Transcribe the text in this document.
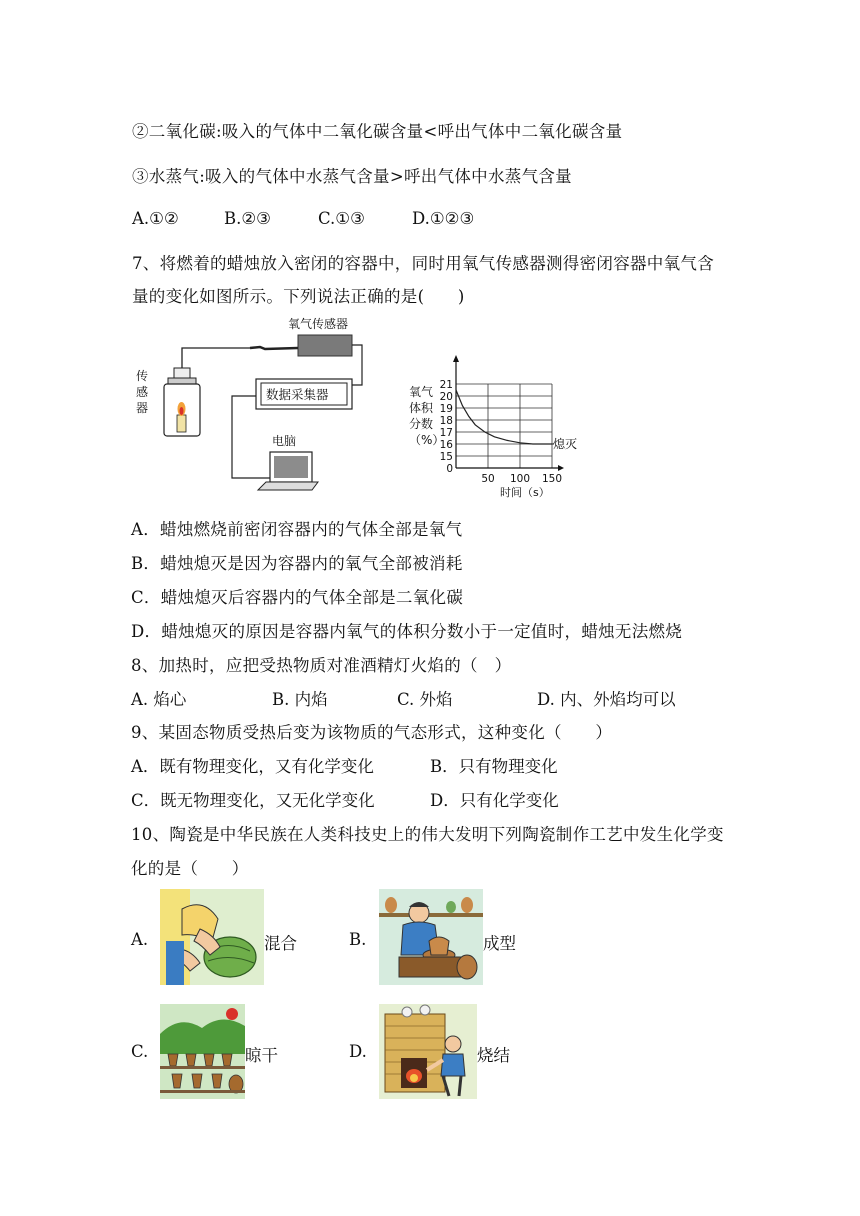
②二氧化碳:吸入的气体中二氧化碳含量<呼出气体中二氧化碳含量
③水蒸气:吸入的气体中水蒸气含量>呼出气体中水蒸气含量
A.①②	B.②③	C.①③	D.①②③
7、将燃着的蜡烛放入密闭的容器中，同时用氧气传感器测得密闭容器中氧气含
量的变化如图所示。下列说法正确的是(　　)
氧气传感器
数据采集器
电脑
传
感
器
氧气
体积
分数
（%）
21
20
19
18
17
16
15
0
50 100 150
熄灭
时间（s）
A．蜡烛燃烧前密闭容器内的气体全部是氧气
B．蜡烛熄灭是因为容器内的氧气全部被消耗
C．蜡烛熄灭后容器内的气体全部是二氧化碳
D．蜡烛熄灭的原因是容器内氧气的体积分数小于一定值时，蜡烛无法燃烧
8、加热时，应把受热物质对准酒精灯火焰的（　）
A. 焰心	B. 内焰	C. 外焰	D. 内、外焰均可以
9、某固态物质受热后变为该物质的气态形式，这种变化（　　）
A．既有物理变化，又有化学变化	B．只有物理变化
C．既无物理变化，又无化学变化	D．只有化学变化
10、陶瓷是中华民族在人类科技史上的伟大发明下列陶瓷制作工艺中发生化学变
化的是（　　）
A.	混合	B.	成型
C.	晾干	D.	烧结
